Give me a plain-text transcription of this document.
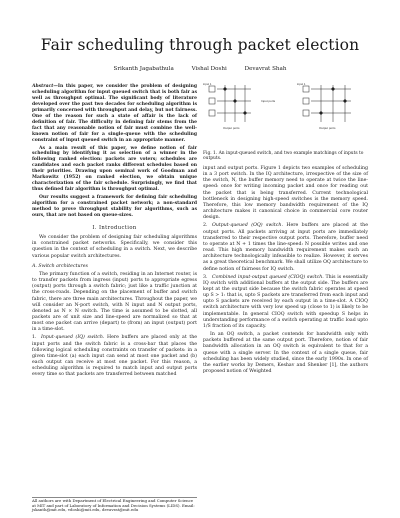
Fair scheduling through packet election
Srikanth Jagabathula	Vishal Doshi	Devavrat Shah

Abstract—In this paper, we consider the problem of designing scheduling algorithm for input queued switch that is both fair as well as throughput optimal. The significant body of literature developed over the past two decades for scheduling algorithm is primarily concerned with throughput and delay, but not fairness. One of the reason for such a state of affair is the lack of definition of fair. The difficulty in defining fair stems from the fact that any reasonable notion of fair must combine the well-known notion of fair for a single-queue with the scheduling constraint of input queued switch in an appropriate manner.

As a main result of this paper, we define notion of fair scheduling by identifying it as selection of a winner in the following ranked election: packets are voters; schedules are candidates and each packet ranks different schedules based on their priorities. Drawing upon seminal work of Goodman and Markowitz (1952) on ranked election, we obtain unique characterization of the fair schedule. Surprisingly, we find that thus defined fair algorithm is throughput optimal.

Our results suggest a framework for defining fair scheduling algorithm for a constrained packet network; a non-standard method to prove throughput stability for algorithms, such as ours, that are not based on queue-sizes.

I. Introduction

We consider the problem of designing fair scheduling algorithms in constrained packet networks. Specifically, we consider this question in the context of scheduling in a switch. Next, we describe various popular switch architectures.

A. Switch architectures

The primary function of a switch, residing in an Internet router, is to transfer packets from ingress (input) ports to appropriate egress (output) ports through a switch fabric; just like a traffic junction at the cross-roads. Depending on the placement of buffer and switch fabric, there are three main architectures. Throughout the paper, we will consider an N-port switch, with N input and N output ports, denoted as N × N switch. The time is assumed to be slotted, all packets are of unit size and line-speed are normalized so that at most one packet can arrive (depart) to (from) an input (output) port in a time-slot.

1. Input-queued (IQ) switch. Here buffers are placed only at the input ports and the switch fabric is a cross-bar that places the following logical scheduling constraints on transfer of packets: in a given time-slot (a) each input can send at most one packet and (b) each output can receive at most one packet. For this reason, a scheduling algorithm is required to match input and output ports every time so that packets are transferred between matched
input 1	input 1
Output ports	Output ports
Input ports
Fig. 1. An input-queued switch, and two example matchings of inputs to outputs.

input and output ports. Figure 1 depicts two examples of scheduling in a 3 port switch. In the IQ architecture, irrespective of the size of the switch, N, the buffer memory need to operate at twice the line-speed: once for writing incoming packet and once for reading out the packet that is being transferred. Current technological bottleneck in designing high-speed switches is the memory speed. Therefore, this low memory bandwidth requirement of the IQ architecture makes it canonical choice in commercial core router design.

2. Output-queued (OQ) switch. Here buffers are placed at the output ports. All packets arriving at input ports are immediately transferred to their respective output ports. Therefore, buffer need to operate at N + 1 times the line-speed: N possible writes and one read. This high memory bandwidth requirement makes such an architecture technologically infeasible to realize. However, it serves as a great theoretical benchmark. We shall utilize OQ architecture to define notion of fairness for IQ switch.
3. Combined input-output queued (CIOQ) switch. This is essentially IQ switch with additional buffers at the output side. The buffers are kept at the output side because the switch fabric operates at speed up S > 1: that is, upto S packets are transferred from each input and upto S packets are received by each output in a time-slot. A CIOQ switch architecture with very low speed up (close to 1) is likely to be implementable. In general CIOQ switch with speedup S helps in understanding performance of a switch operating at traffic load upto 1/S fraction of its capacity.

In an OQ switch, a packet contends for bandwidth only with packets buffered at the same output port. Therefore, notion of fair bandwidth allocation in an OQ switch is equivalent to that for a queue with a single server. In the context of a single queue, fair scheduling has been widely studied, since the early 1990s. In one of the earlier works by Demers, Keshav and Shenker [1], the authors proposed notion of Weighted

All authors are with Department of Electrical Engineering and Computer Science at MIT and part of Laboratory of Information and Decision Systems (LIDS). Email: jskanth@mit.edu, vdoshi@mit.edu, devavrat@mit.edu
